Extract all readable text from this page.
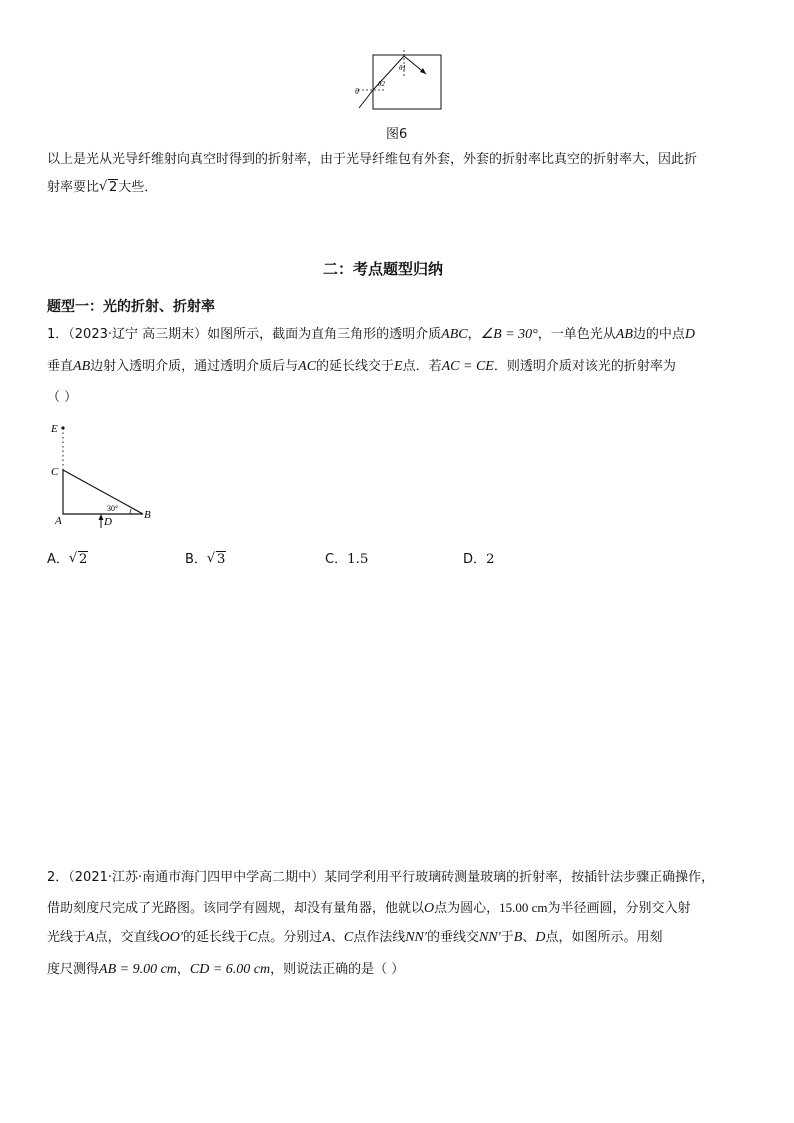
θ
θ1
θ2
图6
以上是光从光导纤维射向真空时得到的折射率，由于光导纤维包有外套，外套的折射率比真空的折射率大，因此折
射率要比 √ 2大些．
二：考点题型归纳
题型一：光的折射、折射率
1．（2023·辽宁 高三期末）如图所示，截面为直角三角形的透明介质ABC，∠B = 30°，一单色光从AB边的中点D
垂直AB边射入透明介质，通过透明介质后与AC的延长线交于E点．若AC = CE．则透明介质对该光的折射率为
（ ）
E
C
A	B
D
30°
A． √ 2	B． √ 3	C．1.5	D．2
2．（2021·江苏·南通市海门四甲中学高二期中）某同学利用平行玻璃砖测量玻璃的折射率，按插针法步骤正确操作，
借助刻度尺完成了光路图。该同学有圆规，却没有量角器，他就以O点为圆心，15.00 cm为半径画圆，分别交入射
光线于A点，交直线OO′的延长线于C点。分别过A、C点作法线NN′的垂线交NN′于B、D点，如图所示。用刻
度尺测得AB = 9.00 cm，CD = 6.00 cm，则说法正确的是（ ）
